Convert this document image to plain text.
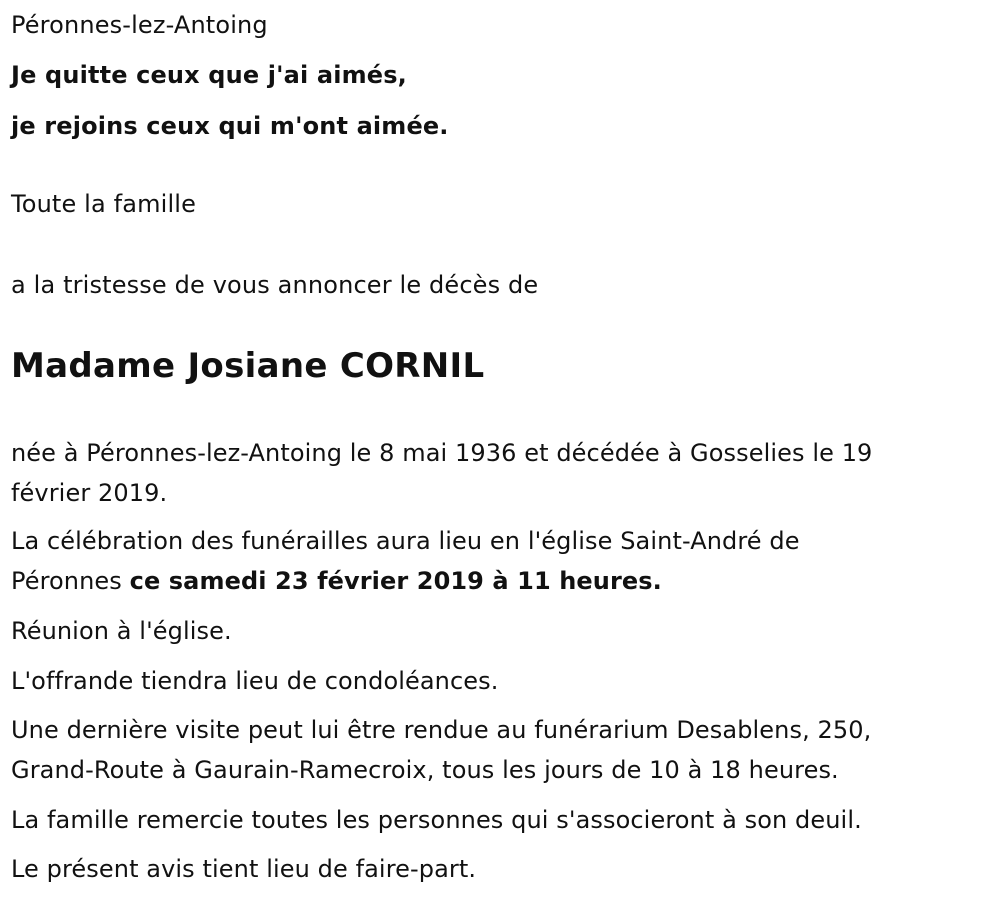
Péronnes-lez-Antoing
Je quitte ceux que j'ai aimés,
je rejoins ceux qui m'ont aimée.
Toute la famille
a la tristesse de vous annoncer le décès de
Madame Josiane CORNIL
née à Péronnes-lez-Antoing le 8 mai 1936 et décédée à Gosselies le 19
février 2019.
La célébration des funérailles aura lieu en l'église Saint-André de
Péronnes ce samedi 23 février 2019 à 11 heures.
Réunion à l'église.
L'offrande tiendra lieu de condoléances.
Une dernière visite peut lui être rendue au funérarium Desablens, 250,
Grand-Route à Gaurain-Ramecroix, tous les jours de 10 à 18 heures.
La famille remercie toutes les personnes qui s'associeront à son deuil.
Le présent avis tient lieu de faire-part.
